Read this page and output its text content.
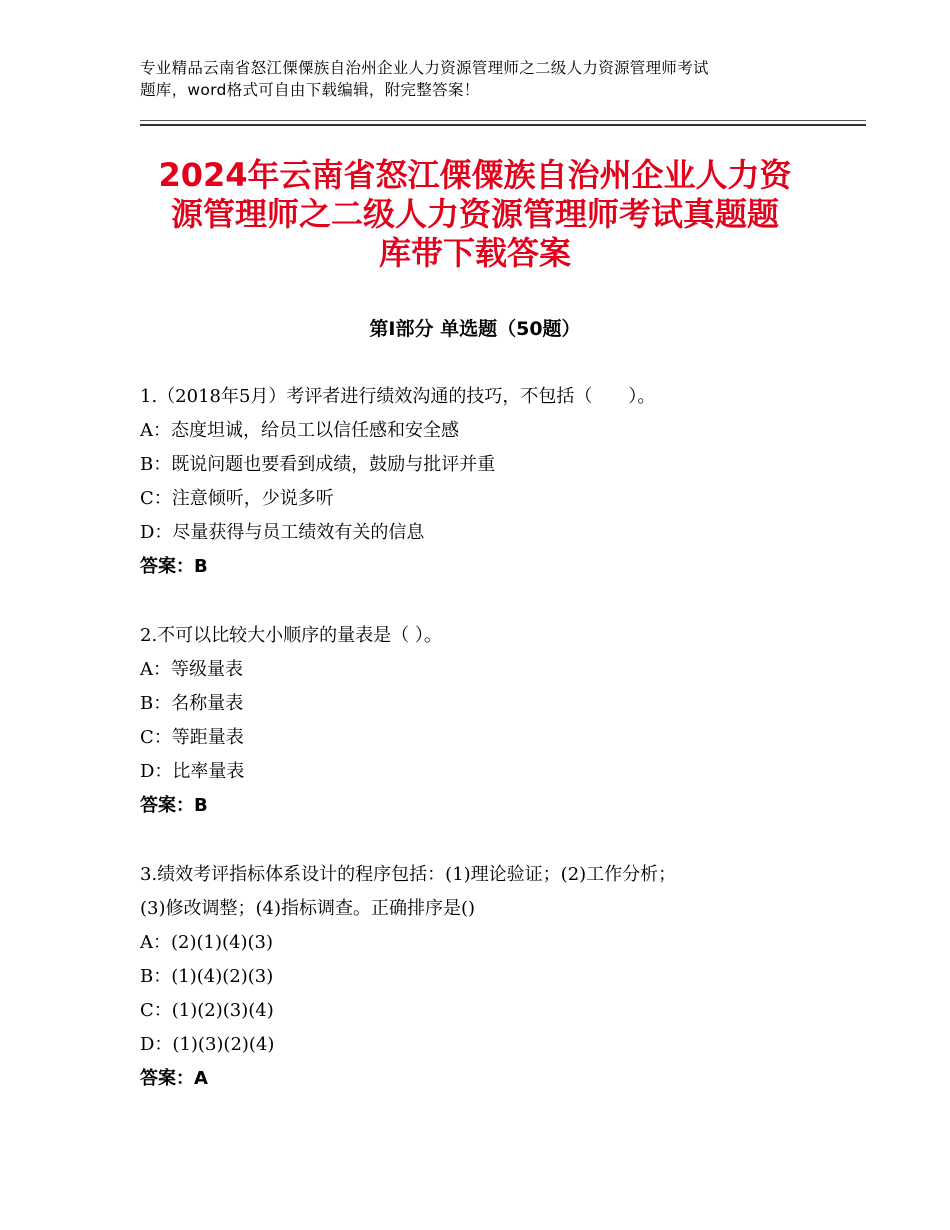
专业精品云南省怒江傈僳族自治州企业人力资源管理师之二级人力资源管理师考试
题库，word格式可自由下载编辑，附完整答案！
2024年云南省怒江傈僳族自治州企业人力资
源管理师之二级人力资源管理师考试真题题
库带下载答案
第Ⅰ部分 单选题（50题）
1.（2018年5月）考评者进行绩效沟通的技巧，不包括（　　）。
A：态度坦诚，给员工以信任感和安全感
B：既说问题也要看到成绩，鼓励与批评并重
C：注意倾听，少说多听
D：尽量获得与员工绩效有关的信息
答案：B
2.不可以比较大小顺序的量表是（ ）。
A：等级量表
B：名称量表
C：等距量表
D：比率量表
答案：B
3.绩效考评指标体系设计的程序包括：(1)理论验证；(2)工作分析；
(3)修改调整；(4)指标调查。正确排序是()
A：(2)(1)(4)(3)
B：(1)(4)(2)(3)
C：(1)(2)(3)(4)
D：(1)(3)(2)(4)
答案：A
